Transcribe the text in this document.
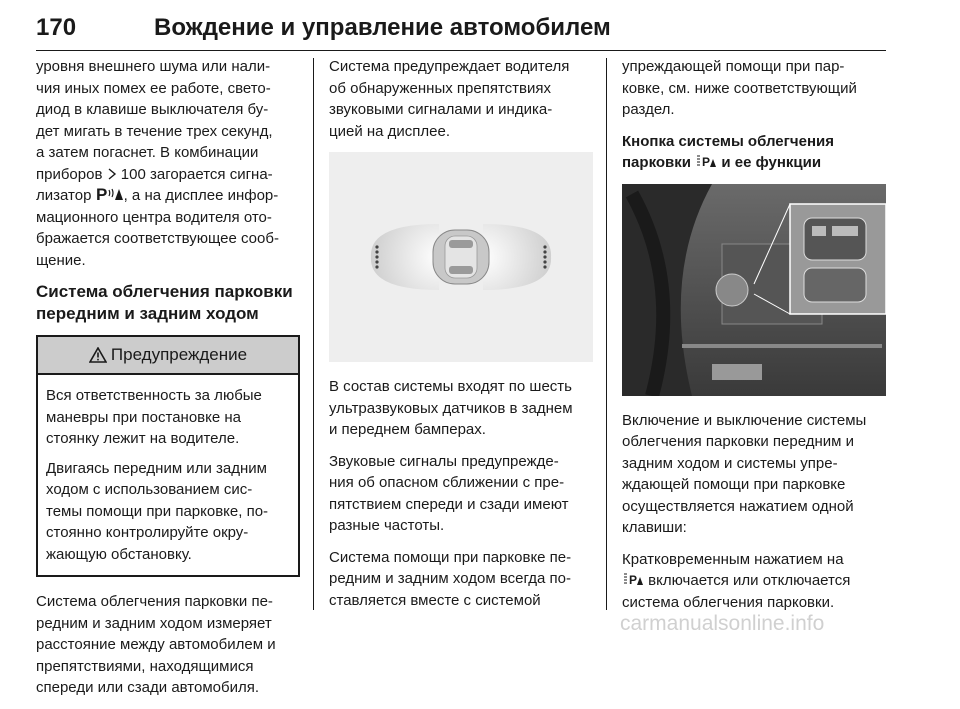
170	Вождение и управление автомобилем

уровня внешнего шума или нали-
чия иных помех ее работе, свето-
диод в клавише выключателя бу-
дет мигать в течение трех секунд,
а затем погаснет. В комбинации
приборов 100 загорается сигна-
лизатор P , а на дисплее инфор-
мационного центра водителя ото-
бражается соответствующее сооб-
щение.

Система облегчения парковки
передним и задним ходом
Предупреждение

Вся ответственность за любые
маневры при постановке на
стоянку лежит на водителе.

Двигаясь передним или задним
ходом с использованием сис-
темы помощи при парковке, по-
стоянно контролируйте окру-
жающую обстановку.

Система облегчения парковки пе-
редним и задним ходом измеряет
расстояние между автомобилем и
препятствиями, находящимися
спереди или сзади автомобиля.

Система предупреждает водителя
об обнаруженных препятствиях
звуковыми сигналами и индика-
цией на дисплее.

В состав системы входят по шесть
ультразвуковых датчиков в заднем
и переднем бамперах.

Звуковые сигналы предупрежде-
ния об опасном сближении с пре-
пятствием спереди и сзади имеют
разные частоты.

Система помощи при парковке пе-
редним и задним ходом всегда по-
ставляется вместе с системой

упреждающей помощи при пар-
ковке, см. ниже соответствующий
раздел.

Кнопка системы облегчения
парковки P и ее функции

Включение и выключение системы
облегчения парковки передним и
задним ходом и системы упре-
ждающей помощи при парковке
осуществляется нажатием одной
клавиши:

Кратковременным нажатием на

P включается или отключается
система облегчения парковки.

carmanualsonline.info
